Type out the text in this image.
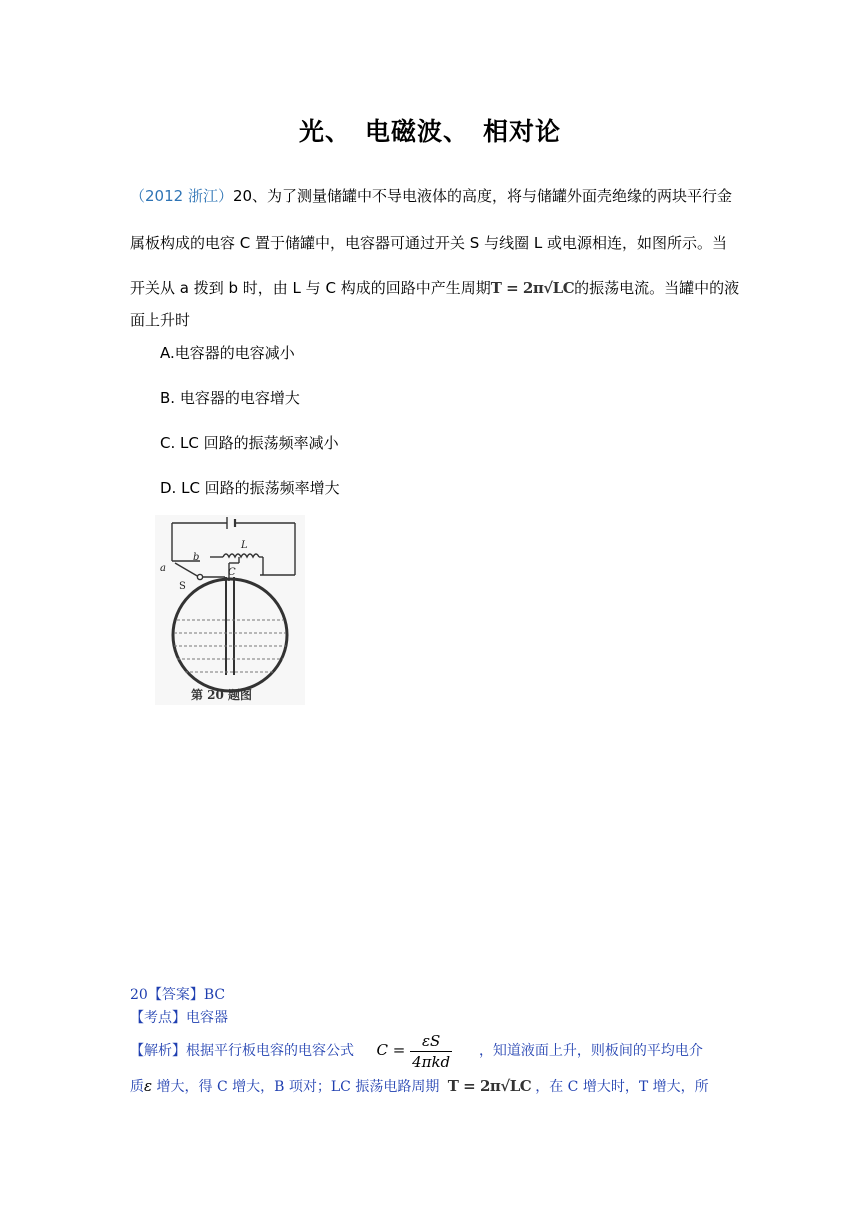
光、 电磁波、 相对论
（2012 浙江）20、为了测量储罐中不导电液体的高度，将与储罐外面壳绝缘的两块平行金
属板构成的电容 C 置于储罐中，电容器可通过开关 S 与线圈 L 或电源相连，如图所示。当
开关从 a 拨到 b 时，由 L 与 C 构成的回路中产生周期T = 2π√LC的振荡电流。当罐中的液
面上升时
A.电容器的电容减小
B. 电容器的电容增大
C. LC 回路的振荡频率减小
D. LC 回路的振荡频率增大
b
a
S
L
C
第 20 题图
20【答案】BC
【考点】电容器
【解析】根据平行板电容的电容公式 $C = \frac{\varepsilon S}{\text{4πkd}}$ ，知道液面上升，则板间的平均电介
质ε 增大，得 C 增大，B 项对；LC 振荡电路周期 T = 2π√LC ，在 C 增大时，T 增大，所
